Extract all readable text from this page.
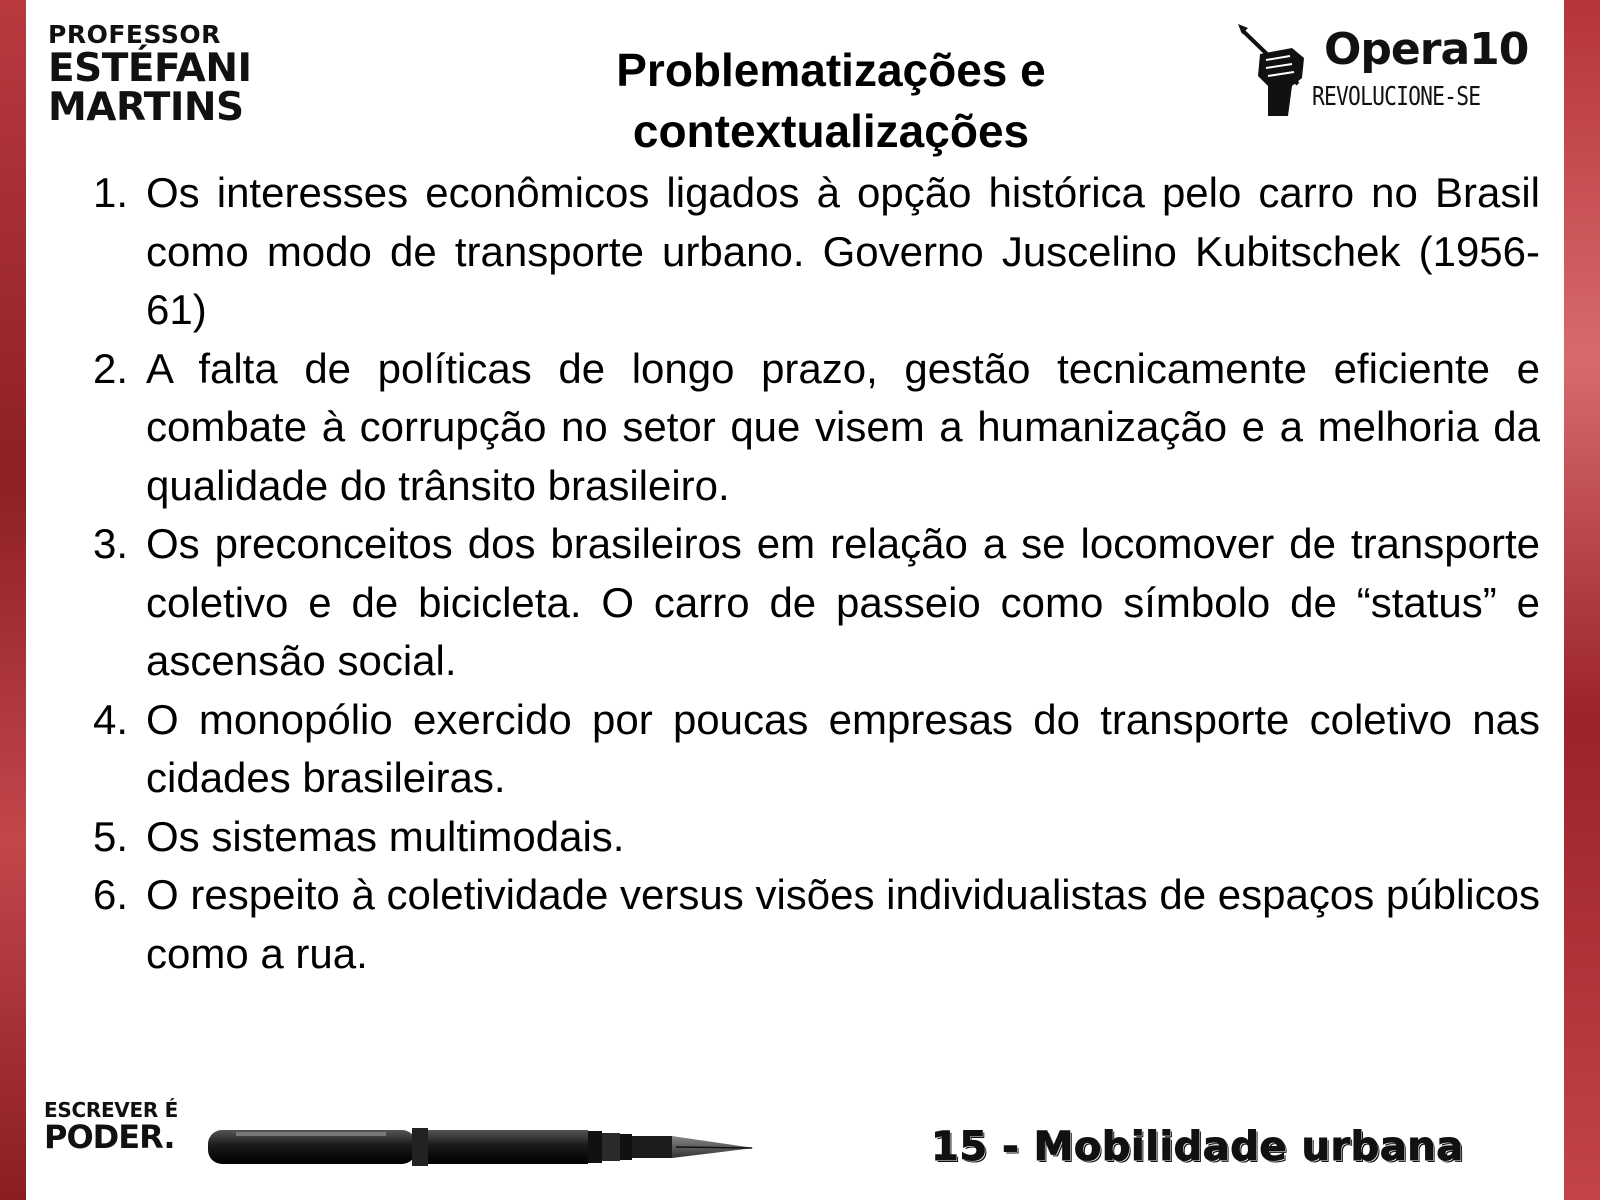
PROFESSOR
ESTÉFANI
MARTINS
Problematizações e
contextualizações
Opera10
REVOLUCIONE-SE
1. Os interesses econômicos ligados à opção histórica pelo carro no Brasil como modo de transporte urbano. Governo Juscelino Kubitschek (1956-61)
2. A falta de políticas de longo prazo, gestão tecnicamente eficiente e combate à corrupção no setor que visem a humanização e a melhoria da qualidade do trânsito brasileiro.
3. Os preconceitos dos brasileiros em relação a se locomover de transporte coletivo e de bicicleta. O carro de passeio como símbolo de “status” e ascensão social.
4. O monopólio exercido por poucas empresas do transporte coletivo nas cidades brasileiras.
5. Os sistemas multimodais.
6. O respeito à coletividade versus visões individualistas de espaços públicos como a rua.
ESCREVER É
PODER.	15 - Mobilidade urbana
